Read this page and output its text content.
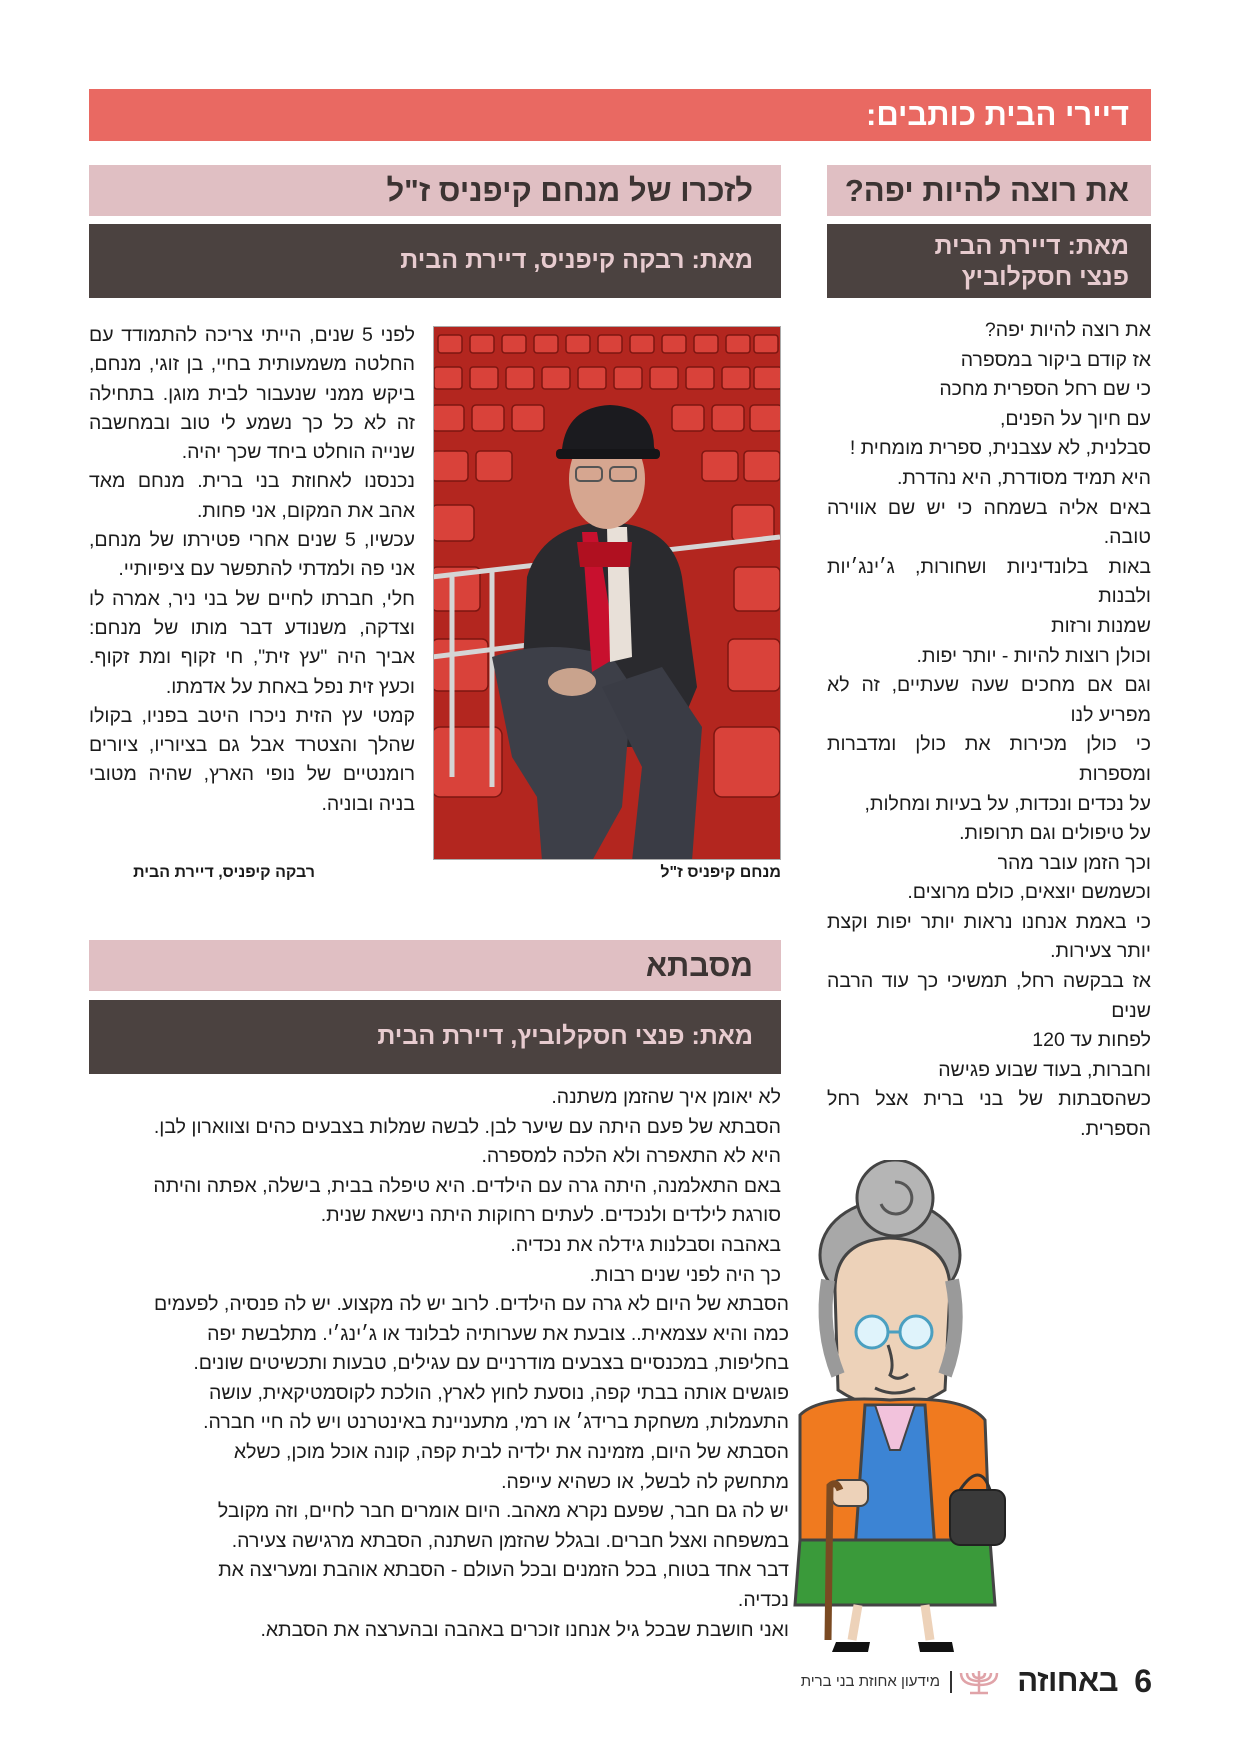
דיירי הבית כותבים:
את רוצה להיות יפה?
מאת: דיירת הבית
פנצי חסקלוביץ

את רוצה להיות יפה?

אז קודם ביקור במספרה

כי שם רחל הספרית מחכה

עם חיוך על הפנים,

סבלנית, לא עצבנית, ספרית מומחית !

היא תמיד מסודרת, היא נהדרת.

באים אליה בשמחה כי יש שם אווירה טובה.

באות בלונדיניות ושחורות, ג׳ינג׳יות ולבנות

שמנות ורזות

וכולן רוצות להיות - יותר יפות.

וגם אם מחכים שעה שעתיים, זה לא מפריע לנו

כי כולן מכירות את כולן ומדברות ומספרות

על נכדים ונכדות, על בעיות ומחלות,

על טיפולים וגם תרופות.

וכך הזמן עובר מהר

וכשמשם יוצאים, כולם מרוצים.

כי באמת אנחנו נראות יותר יפות וקצת יותר צעירות.

אז בבקשה רחל, תמשיכי כך עוד הרבה שנים

לפחות עד 120

וחברות, בעוד שבוע פגישה

כשהסבתות של בני ברית אצל רחל הספרית.

לזכרו של מנחם קיפניס ז"ל
מאת: רבקה קיפניס, דיירת הבית

לפני 5 שנים, הייתי צריכה להתמודד עם החלטה משמעותית בחיי, בן זוגי, מנחם, ביקש ממני שנעבור לבית מוגן. בתחילה זה לא כל כך נשמע לי טוב ובמחשבה שנייה הוחלט ביחד שכך יהיה.

נכנסנו לאחוזת בני ברית. מנחם מאד אהב את המקום, אני פחות.

עכשיו, 5 שנים אחרי פטירתו של מנחם, אני פה ולמדתי להתפשר עם ציפיותיי.

חלי, חברתו לחיים של בני ניר, אמרה לו וצדקה, משנודע דבר מותו של מנחם: אביך היה "עץ זית", חי זקוף ומת זקוף. וכעץ זית נפל באחת על אדמתו.

קמטי עץ הזית ניכרו היטב בפניו, בקולו שהלך והצטרד אבל גם בציוריו, ציורים רומנטיים של נופי הארץ, שהיה מטובי בניה ובוניה.

רבקה קיפניס, דיירת הבית	מנחם קיפניס ז"ל
מסבתא
מאת: פנצי חסקלוביץ, דיירת הבית
לא יאומן איך שהזמן משתנה.
הסבתא של פעם היתה עם שיער לבן. לבשה שמלות בצבעים כהים וצווארון לבן.
היא לא התאפרה ולא הלכה למספרה.
באם התאלמנה, היתה גרה עם הילדים. היא טיפלה בבית, בישלה, אפתה והיתה
סורגת לילדים ולנכדים. לעתים רחוקות היתה נישאת שנית.
באהבה וסבלנות גידלה את נכדיה.
כך היה לפני שנים רבות.
הסבתא של היום לא גרה עם הילדים. לרוב יש לה מקצוע. יש לה פנסיה, לפעמים
כמה והיא עצמאית.. צובעת את שערותיה לבלונד או ג׳ינג׳י. מתלבשת יפה
בחליפות, במכנסיים בצבעים מודרניים עם עגילים, טבעות ותכשיטים שונים.
פוגשים אותה בבתי קפה, נוסעת לחוץ לארץ, הולכת לקוסמטיקאית, עושה
התעמלות, משחקת ברידג׳ או רמי, מתעניינת באינטרנט ויש לה חיי חברה.
הסבתא של היום, מזמינה את ילדיה לבית קפה, קונה אוכל מוכן, כשלא
מתחשק לה לבשל, או כשהיא עייפה.
יש לה גם חבר, שפעם נקרא מאהב. היום אומרים חבר לחיים, וזה מקובל
במשפחה ואצל חברים. ובגלל שהזמן השתנה, הסבתא מרגישה צעירה.
דבר אחד בטוח, בכל הזמנים ובכל העולם - הסבתא אוהבת ומעריצה את
נכדיה.
ואני חושבת שבכל גיל אנחנו זוכרים באהבה ובהערצה את הסבתא.
6
באחוזה
מידעון אחוזת בני ברית
